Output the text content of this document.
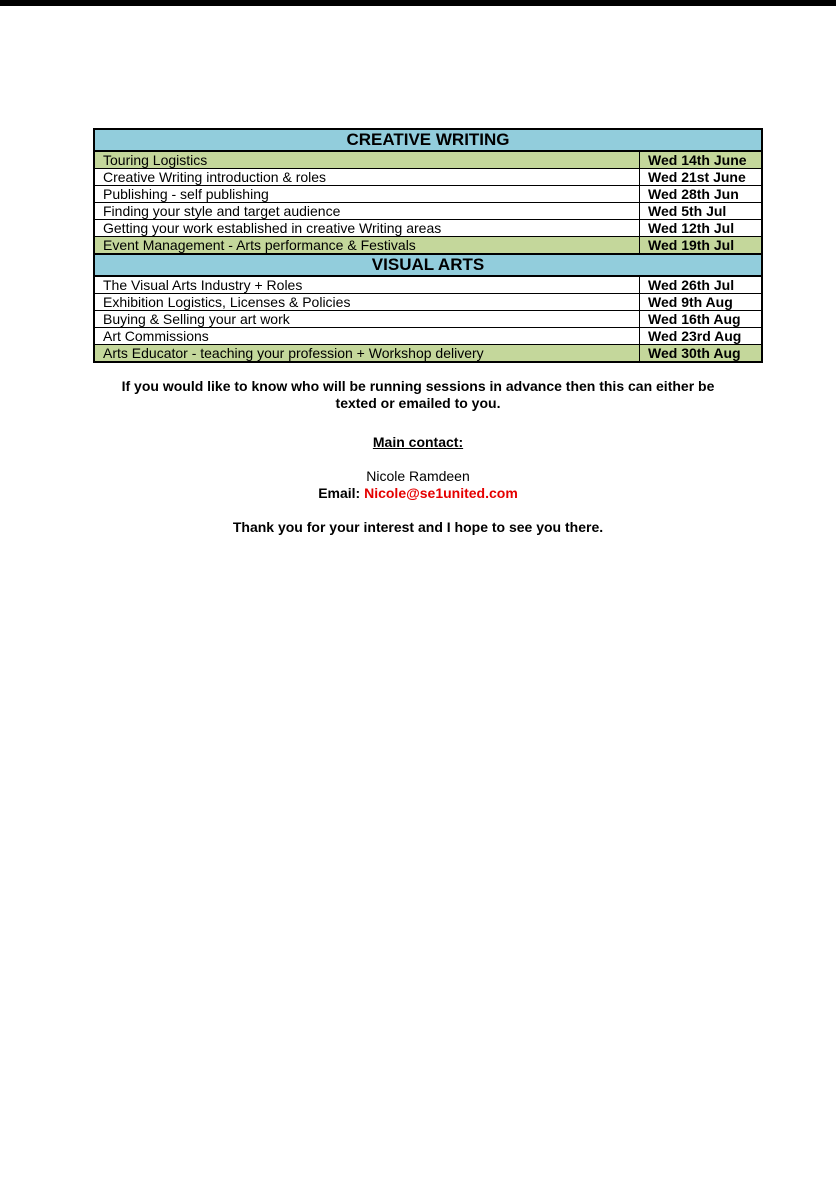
CREATIVE WRITING	
Touring Logistics	Wed 14th June
Creative Writing introduction & roles	Wed 21st June
Publishing - self publishing	Wed 28th Jun
Finding your style and target audience	Wed 5th Jul
Getting your work established in creative Writing areas	Wed 12th Jul
Event Management - Arts performance & Festivals	Wed 19th Jul
VISUAL ARTS	
The Visual Arts Industry + Roles	Wed 26th Jul
Exhibition Logistics, Licenses & Policies	Wed 9th Aug
Buying & Selling your art work	Wed 16th Aug
Art Commissions	Wed 23rd Aug
Arts Educator - teaching your profession + Workshop delivery	Wed 30th Aug

If you would like to know who will be running sessions in advance then this can either be texted or emailed to you.

Main contact:

Nicole Ramdeen

Email: Nicole@se1united.com

Thank you for your interest and I hope to see you there.
